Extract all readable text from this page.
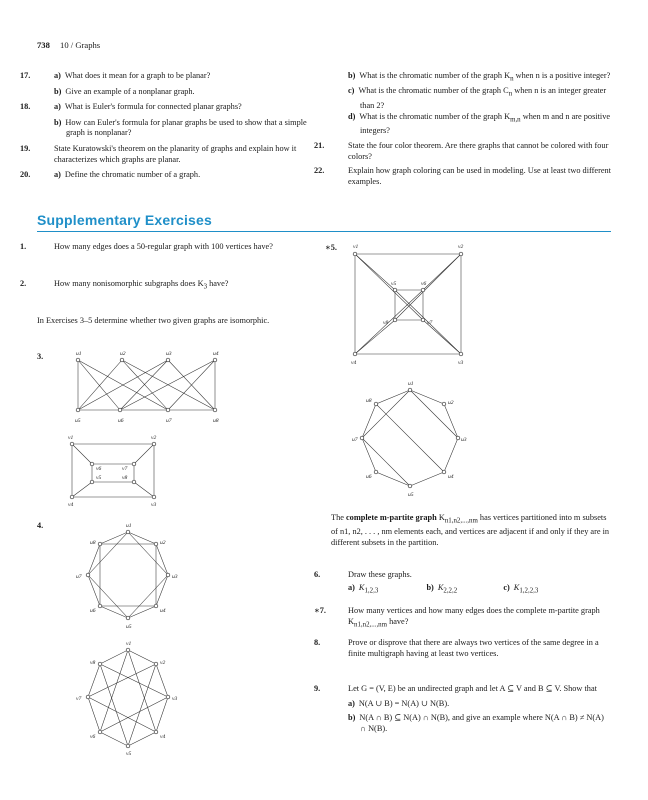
738 10 / Graphs
17.	a) What does it mean for a graph to be planar?
b) Give an example of a nonplanar graph.
18.	a) What is Euler's formula for connected planar graphs?
b) How can Euler's formula for planar graphs be used to show that a simple graph is nonplanar?
19.	State Kuratowski's theorem on the planarity of graphs and explain how it characterizes which graphs are planar.
20.	a) Define the chromatic number of a graph.
b) What is the chromatic number of the graph $K_n$ when n is a positive integer?
c) What is the chromatic number of the graph $C_n$ when n is an integer greater than 2?
d) What is the chromatic number of the graph $K_{m,n}$ when m and n are positive integers?
21.	State the four color theorem. Are there graphs that cannot be colored with four colors?
22.	Explain how graph coloring can be used in modeling. Use at least two different examples.
Supplementary Exercises
1.	How many edges does a 50-regular graph with 100 vertices have?
2.	How many nonisomorphic subgraphs does $K_3$ have?
In Exercises 3–5 determine whether two given graphs are isomorphic.
3.
4.
∗5.
u1	u2	u3	u4
u5	u6	u7	u8
v1	v2
v3
v4
v5
v6	v7
v8
u1
u2
u3
u4
u5
u6
u7
u8
v1
v2
v3
v4
v5
v6
v7
v8
v1	v2
v3
v4
v5	v6
v7
v8
u1
u2
u3
u4
u5
u6
u7
u8
The complete m-partite graph $K_{n1,n2,...,nm}$ has vertices partitioned into m subsets of n1, n2, . . . , nm elements each, and vertices are adjacent if and only if they are in different subsets in the partition.
6.	Draw these graphs.
a) $K_{1,2,3}$	b) $K_{2,2,2}$	c) $K_{1,2,2,3}$
∗7.	How many vertices and how many edges does the complete m-partite graph $K_{n1,n2,...,nm}$ have?
8.	Prove or disprove that there are always two vertices of the same degree in a finite multigraph having at least two vertices.
9.	Let G = (V, E) be an undirected graph and let A ⊆ V and B ⊆ V. Show that
a) N(A ∪ B) = N(A) ∪ N(B).
b) N(A ∩ B) ⊆ N(A) ∩ N(B), and give an example where N(A ∩ B) ≠ N(A) ∩ N(B).
